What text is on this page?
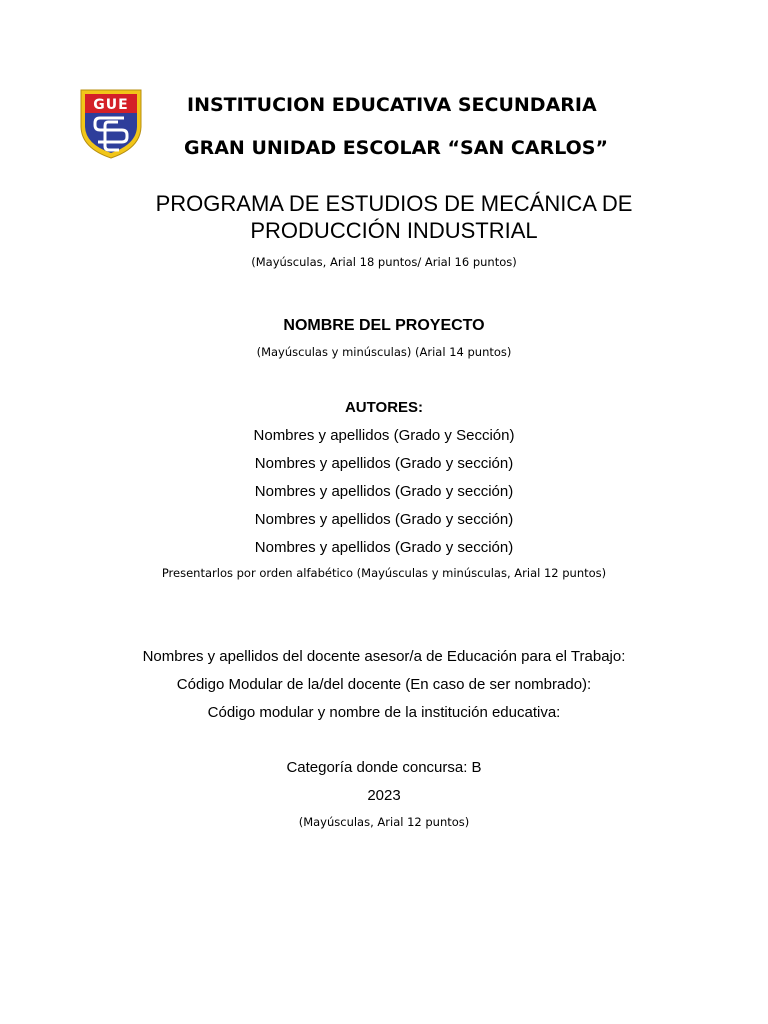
GUE	INSTITUCION EDUCATIVA SECUNDARIA
GRAN UNIDAD ESCOLAR “SAN CARLOS”
PROGRAMA DE ESTUDIOS DE MECÁNICA DE PRODUCCIÓN INDUSTRIAL
(Mayúsculas, Arial 18 puntos/ Arial 16 puntos)
NOMBRE DEL PROYECTO
(Mayúsculas y minúsculas) (Arial 14 puntos)
AUTORES:
Nombres y apellidos (Grado y Sección)
Nombres y apellidos (Grado y sección)
Nombres y apellidos (Grado y sección)
Nombres y apellidos (Grado y sección)
Nombres y apellidos (Grado y sección)
Presentarlos por orden alfabético (Mayúsculas y minúsculas, Arial 12 puntos)
Nombres y apellidos del docente asesor/a de Educación para el Trabajo:
Código Modular de la/del docente (En caso de ser nombrado):
Código modular y nombre de la institución educativa:
Categoría donde concursa: B
2023
(Mayúsculas, Arial 12 puntos)
